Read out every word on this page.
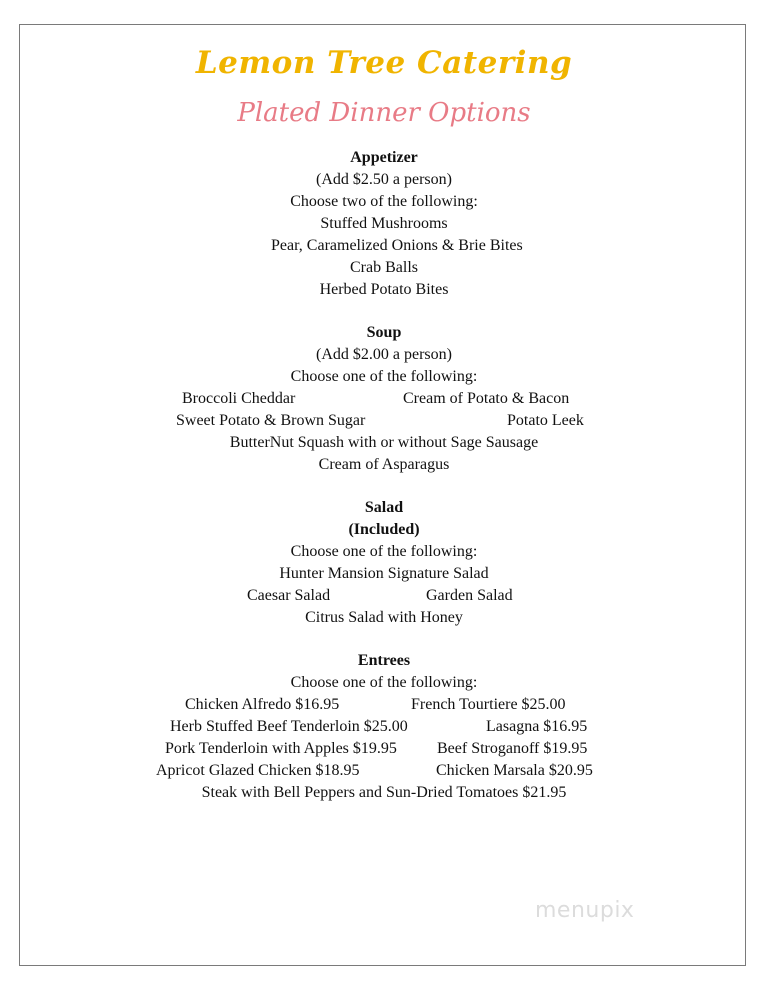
Lemon Tree Catering
Plated Dinner Options
Appetizer
(Add $2.50 a person)
Choose two of the following:
Stuffed Mushrooms
Pear, Caramelized Onions & Brie Bites
Crab Balls
Herbed Potato Bites
Soup
(Add $2.00 a person)
Choose one of the following:
Broccoli Cheddar	Cream of Potato & Bacon
Sweet Potato & Brown Sugar	Potato Leek
ButterNut Squash with or without Sage Sausage
Cream of Asparagus
Salad
(Included)
Choose one of the following:
Hunter Mansion Signature Salad
Caesar Salad	Garden Salad
Citrus Salad with Honey
Entrees
Choose one of the following:
Chicken Alfredo $16.95	French Tourtiere $25.00
Herb Stuffed Beef Tenderloin $25.00	Lasagna $16.95
Pork Tenderloin with Apples $19.95	Beef Stroganoff $19.95
Apricot Glazed Chicken $18.95	Chicken Marsala $20.95
Steak with Bell Peppers and Sun-Dried Tomatoes $21.95
menupix
